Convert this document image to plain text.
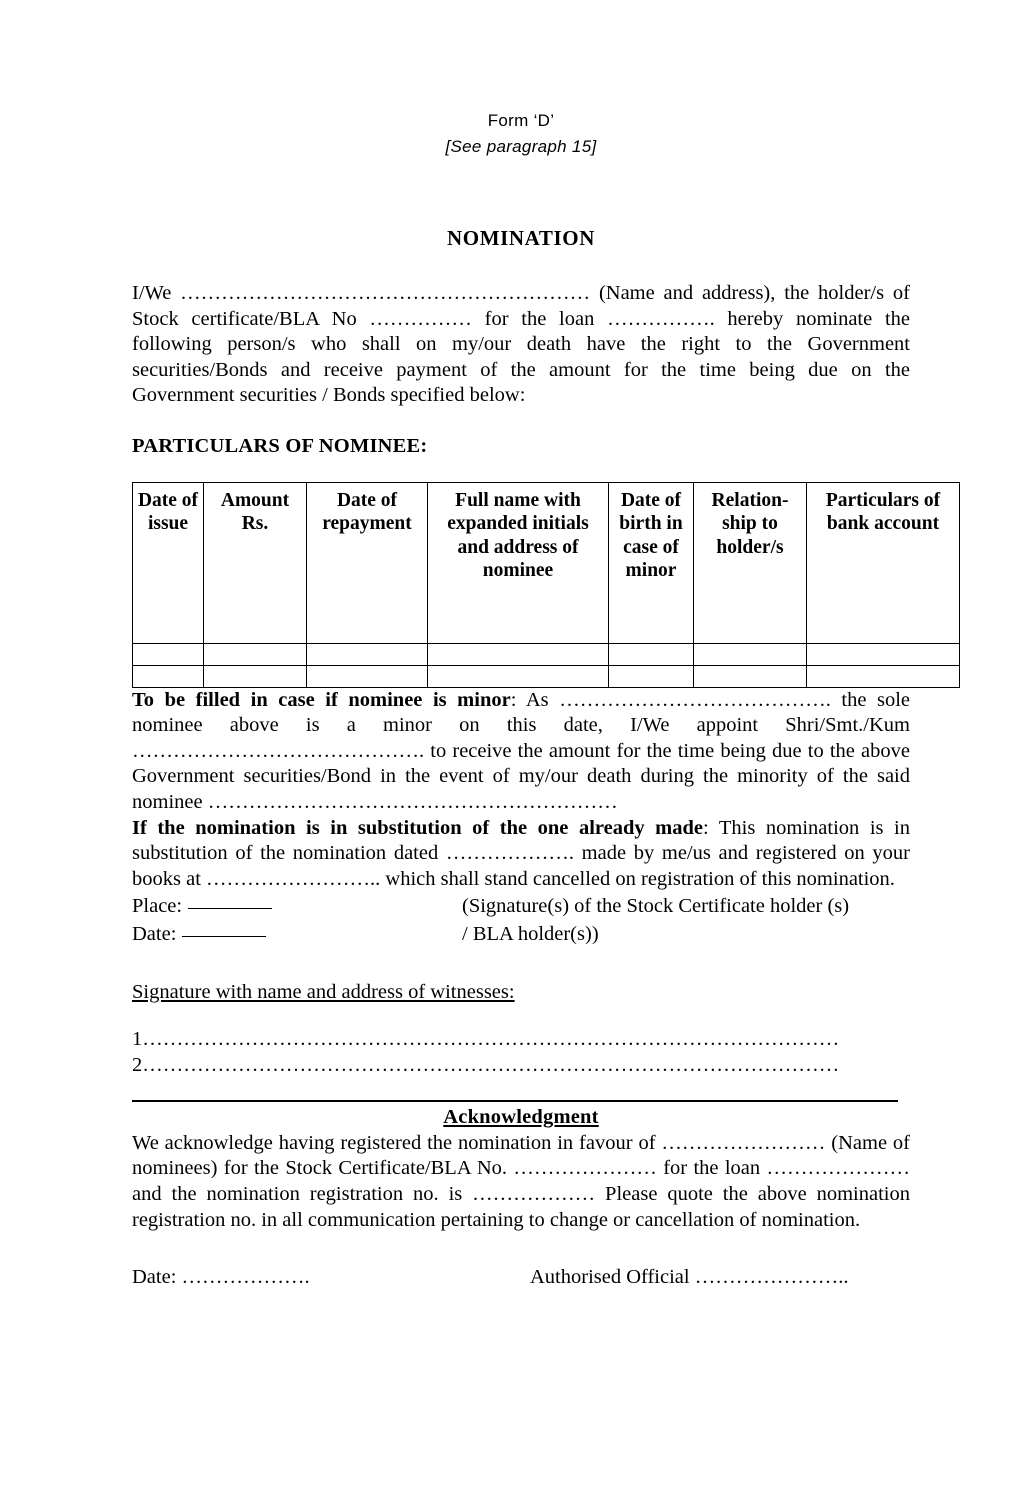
Form ‘D’
[See paragraph 15]
NOMINATION

I/We …………………………………………………… (Name and address), the holder/s of Stock certificate/BLA No …………… for the loan ……………. hereby nominate the following person/s who shall on my/our death have the right to the Government securities/Bonds and receive payment of the amount for the time being due on the Government securities / Bonds specified below:

PARTICULARS OF NOMINEE:

Date of issue	Amount Rs.	Date of repayment	Full name with expanded initials and address of nominee	Date of birth in case of minor	Relation- ship to holder/s	Particulars of bank account

To be filled in case if nominee is minor: As …………………………………. the sole nominee above is a minor on this date, I/We appoint Shri/Smt./Kum ……………………………………. to receive the amount for the time being due to the above Government securities/Bond in the event of my/our death during the minority of the said nominee ……………………………………………………

If the nomination is in substitution of the one already made: This nomination is in substitution of the nomination dated ………………. made by me/us and registered on your books at …………………….. which shall stand cancelled on registration of this nomination.

Place:	(Signature(s) of the Stock Certificate holder (s)
Date:	/ BLA holder(s))
Signature with name and address of witnesses:
1…………………………………………………………………………………………
2…………………………………………………………………………………………
Acknowledgment

We acknowledge having registered the nomination in favour of …………………… (Name of nominees) for the Stock Certificate/BLA No. ………………… for the loan ………………… and the nomination registration no. is ……………… Please quote the above nomination registration no. in all communication pertaining to change or cancellation of nomination.

Date: ……………….	Authorised Official …………………..
